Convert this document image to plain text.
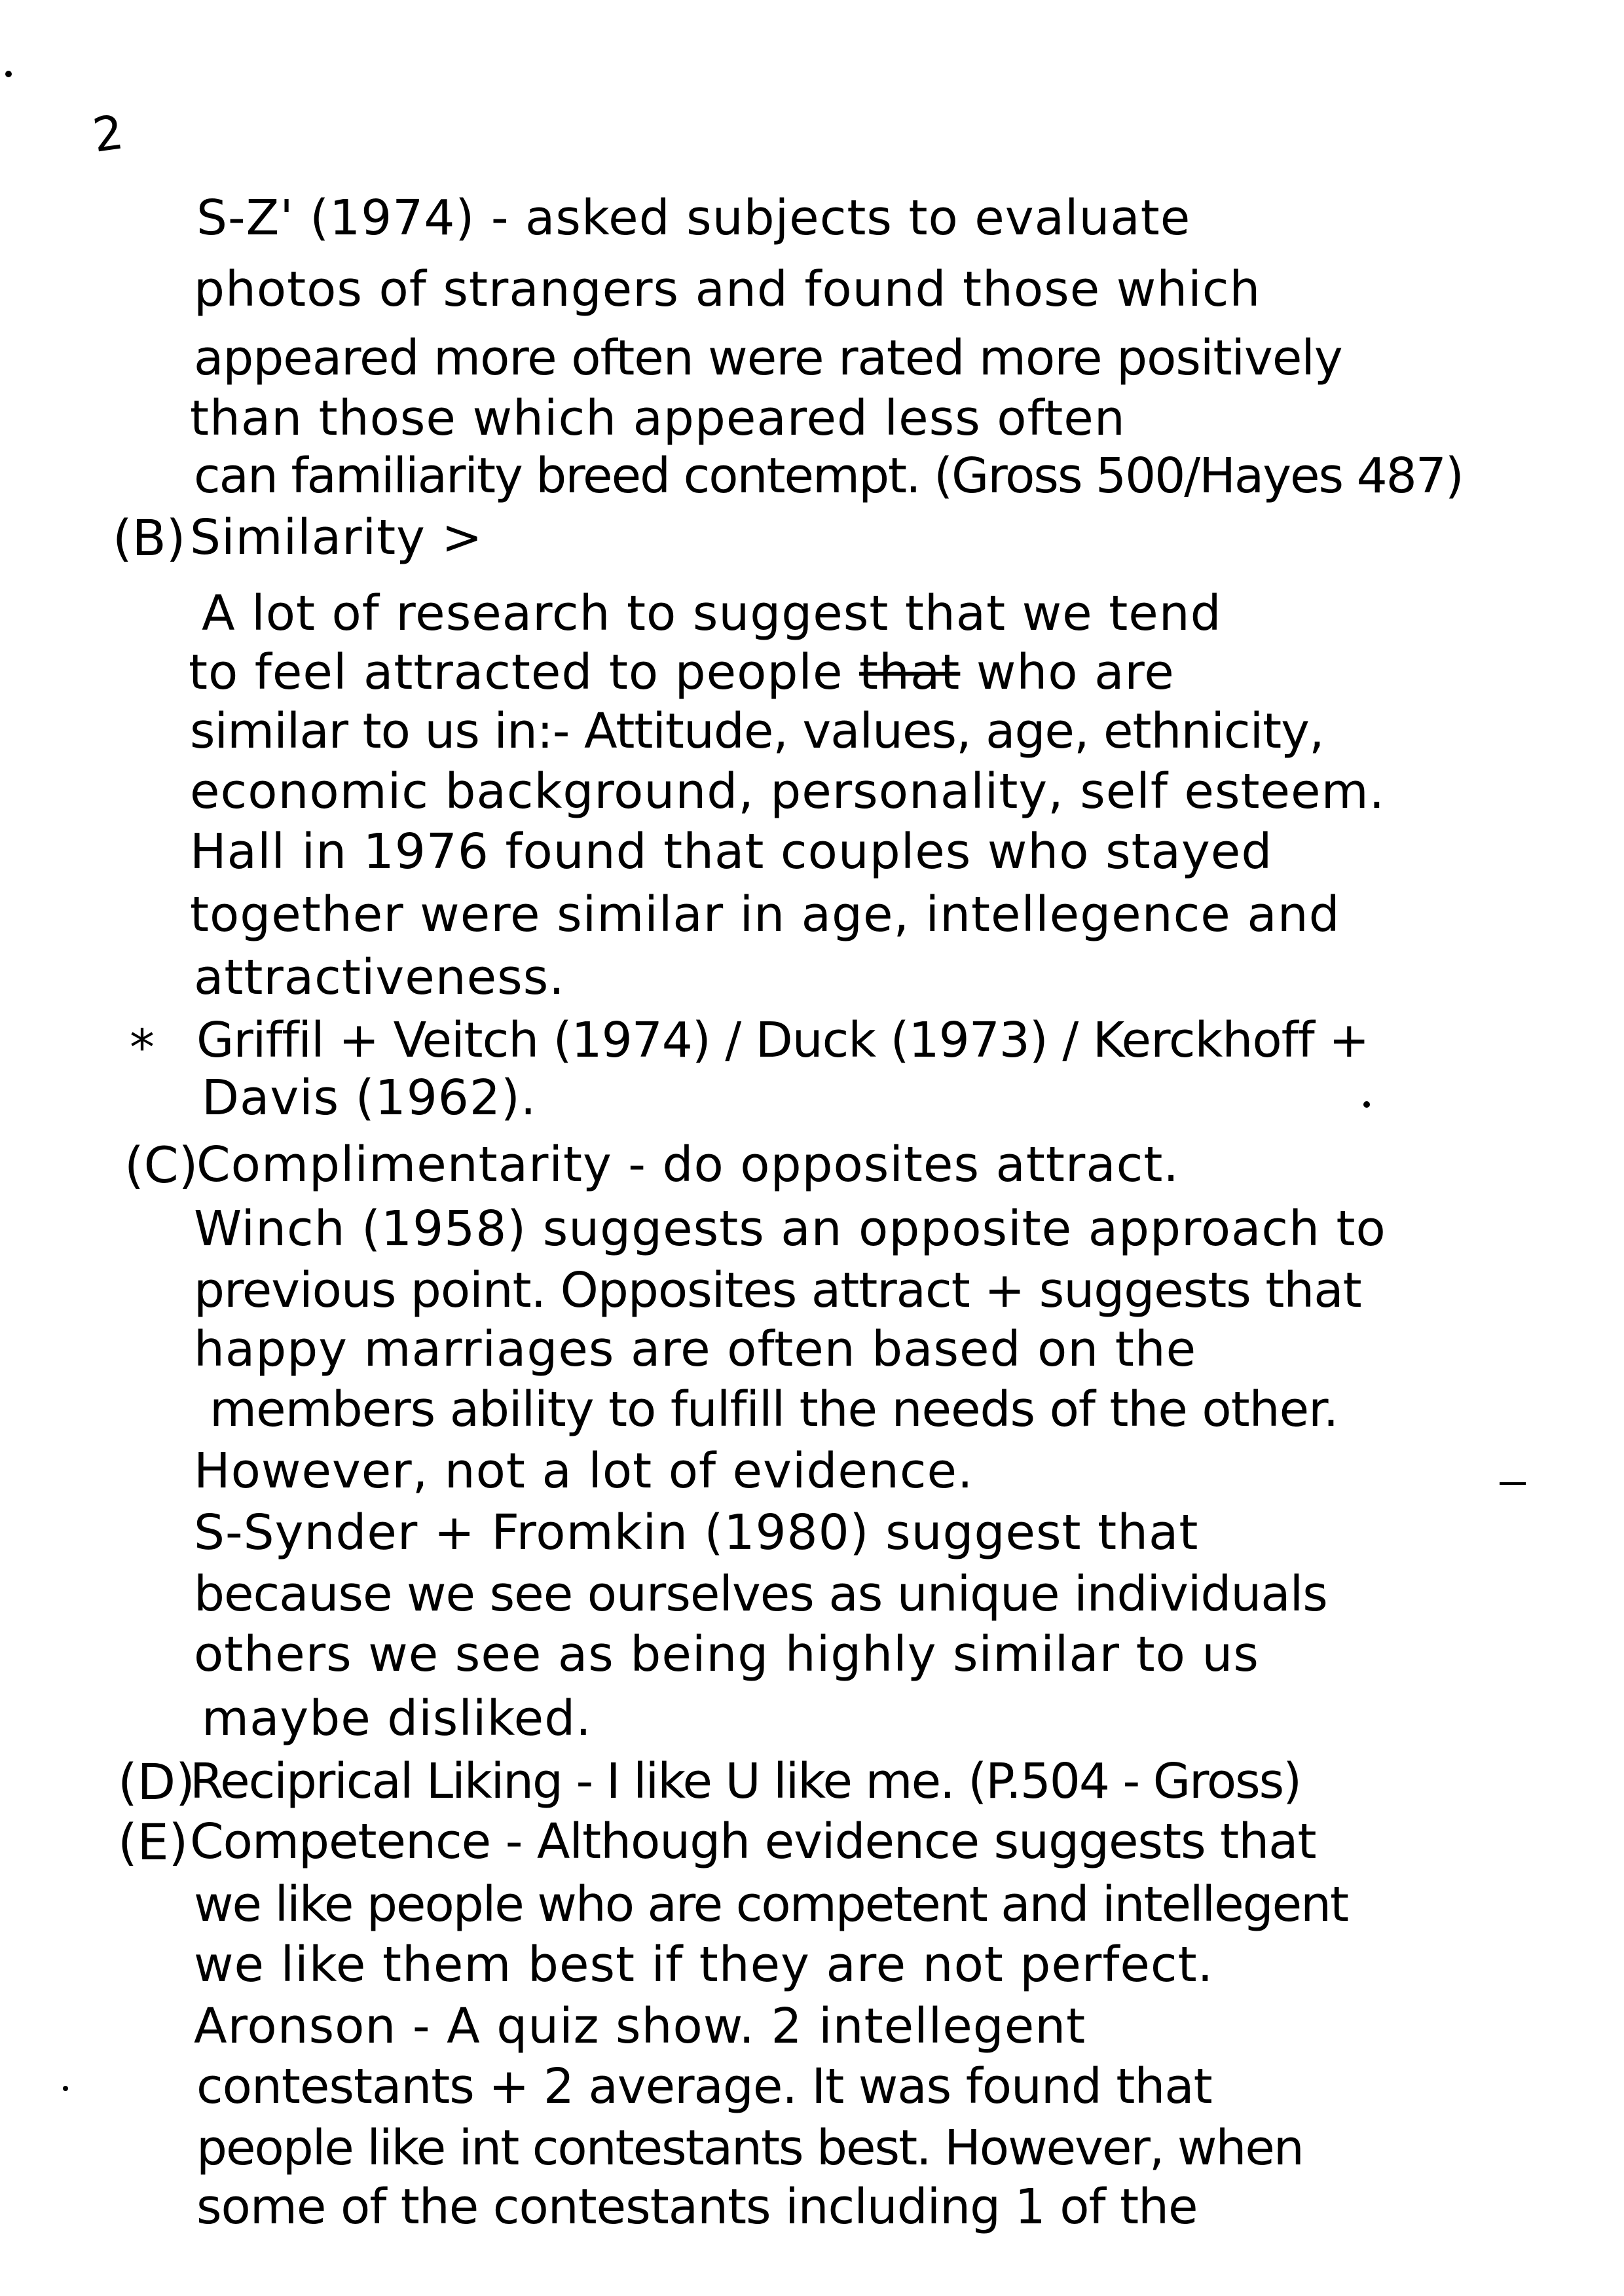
2
S-Z' (1974) - asked subjects to evaluate
photos of strangers and found those which
appeared more often were rated more positively
than those which appeared less often
can familiarity breed contempt. (Gross 500/Hayes 487)
(B) Similarity >
A lot of research to suggest that we tend
to feel attracted to people that who are
similar to us in:- Attitude, values, age, ethnicity,
economic background, personality, self esteem.
Hall in 1976 found that couples who stayed
together were similar in age, intellegence and
attractiveness.
* Griffil + Veitch (1974) / Duck (1973) / Kerckhoff +
Davis (1962).
(C)
Complimentarity - do opposites attract.
Winch (1958) suggests an opposite approach to
previous point. Opposites attract + suggests that
happy marriages are often based on the
members ability to fulfill the needs of the other.
However, not a lot of evidence.
S-Synder + Fromkin (1980) suggest that
because we see ourselves as unique individuals
others we see as being highly similar to us
maybe disliked.
(D)
Reciprical Liking - I like U like me. (P.504 - Gross)
(E) Competence - Although evidence suggests that
we like people who are competent and intellegent
we like them best if they are not perfect.
Aronson - A quiz show. 2 intellegent
contestants + 2 average. It was found that
people like int contestants best. However, when
some of the contestants including 1 of the
